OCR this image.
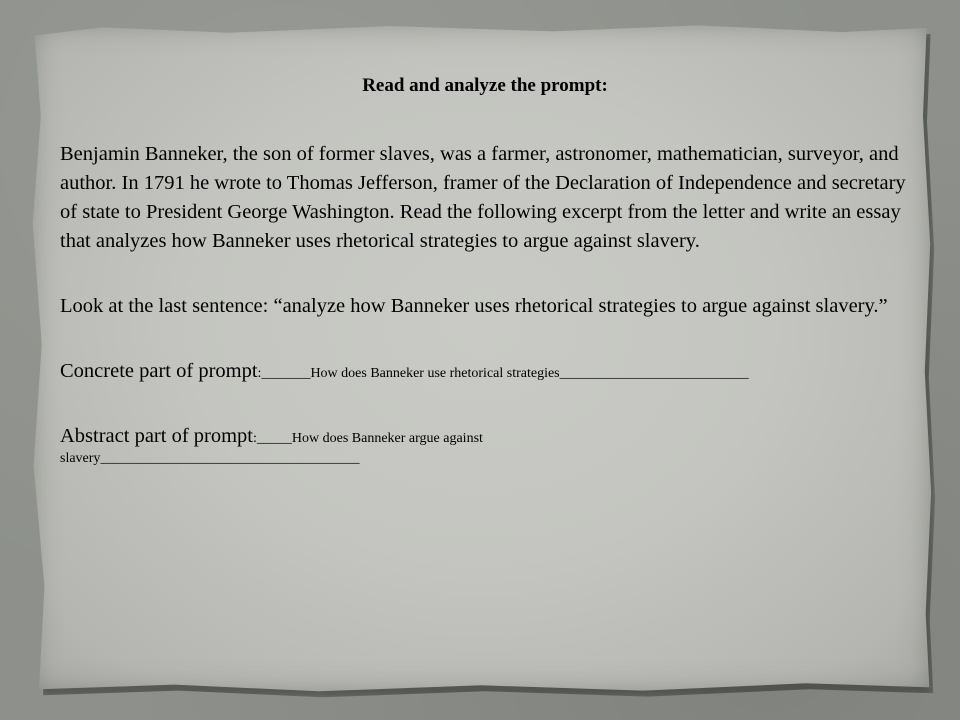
Read and analyze the prompt:
Benjamin Banneker, the son of former slaves, was a farmer, astronomer, mathematician, surveyor, and author. In 1791 he wrote to Thomas Jefferson, framer of the Declaration of Independence and secretary of state to President George Washington. Read the following excerpt from the letter and write an essay that analyzes how Banneker uses rhetorical strategies to argue against slavery.
Look at the last sentence: “analyze how Banneker uses rhetorical strategies to argue against slavery.”
Concrete part of prompt:_______How does Banneker use rhetorical strategies___________________________
Abstract part of prompt:_____How does Banneker argue against
slavery_____________________________________
